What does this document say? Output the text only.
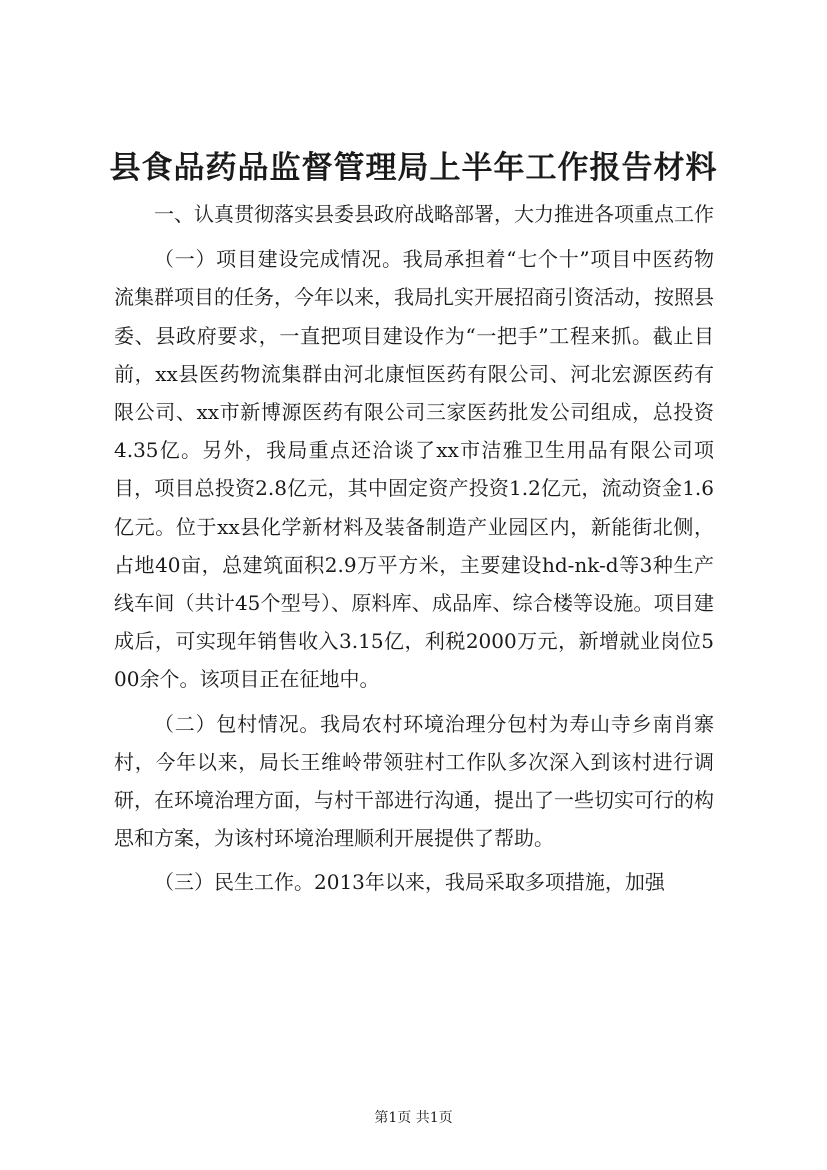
县食品药品监督管理局上半年工作报告材料

一、认真贯彻落实县委县政府战略部署，大力推进各项重点工作

（一）项目建设完成情况。我局承担着“七个十”项目中医药物流集群项目的任务，今年以来，我局扎实开展招商引资活动，按照县委、县政府要求，一直把项目建设作为“一把手”工程来抓。截止目前，xx县医药物流集群由河北康恒医药有限公司、河北宏源医药有限公司、xx市新博源医药有限公司三家医药批发公司组成，总投资4.35亿。另外，我局重点还洽谈了xx市洁雅卫生用品有限公司项目，项目总投资2.8亿元，其中固定资产投资1.2亿元，流动资金1.6亿元。位于xx县化学新材料及装备制造产业园区内，新能街北侧，占地40亩，总建筑面积2.9万平方米，主要建设hd-nk-d等3种生产线车间（共计45个型号）、原料库、成品库、综合楼等设施。项目建成后，可实现年销售收入3.15亿，利税2000万元，新增就业岗位500余个。该项目正在征地中。

（二）包村情况。我局农村环境治理分包村为寿山寺乡南肖寨村，今年以来，局长王维岭带领驻村工作队多次深入到该村进行调研，在环境治理方面，与村干部进行沟通，提出了一些切实可行的构思和方案，为该村环境治理顺利开展提供了帮助。

（三）民生工作。2013年以来，我局采取多项措施，加强

第1页 共1页
